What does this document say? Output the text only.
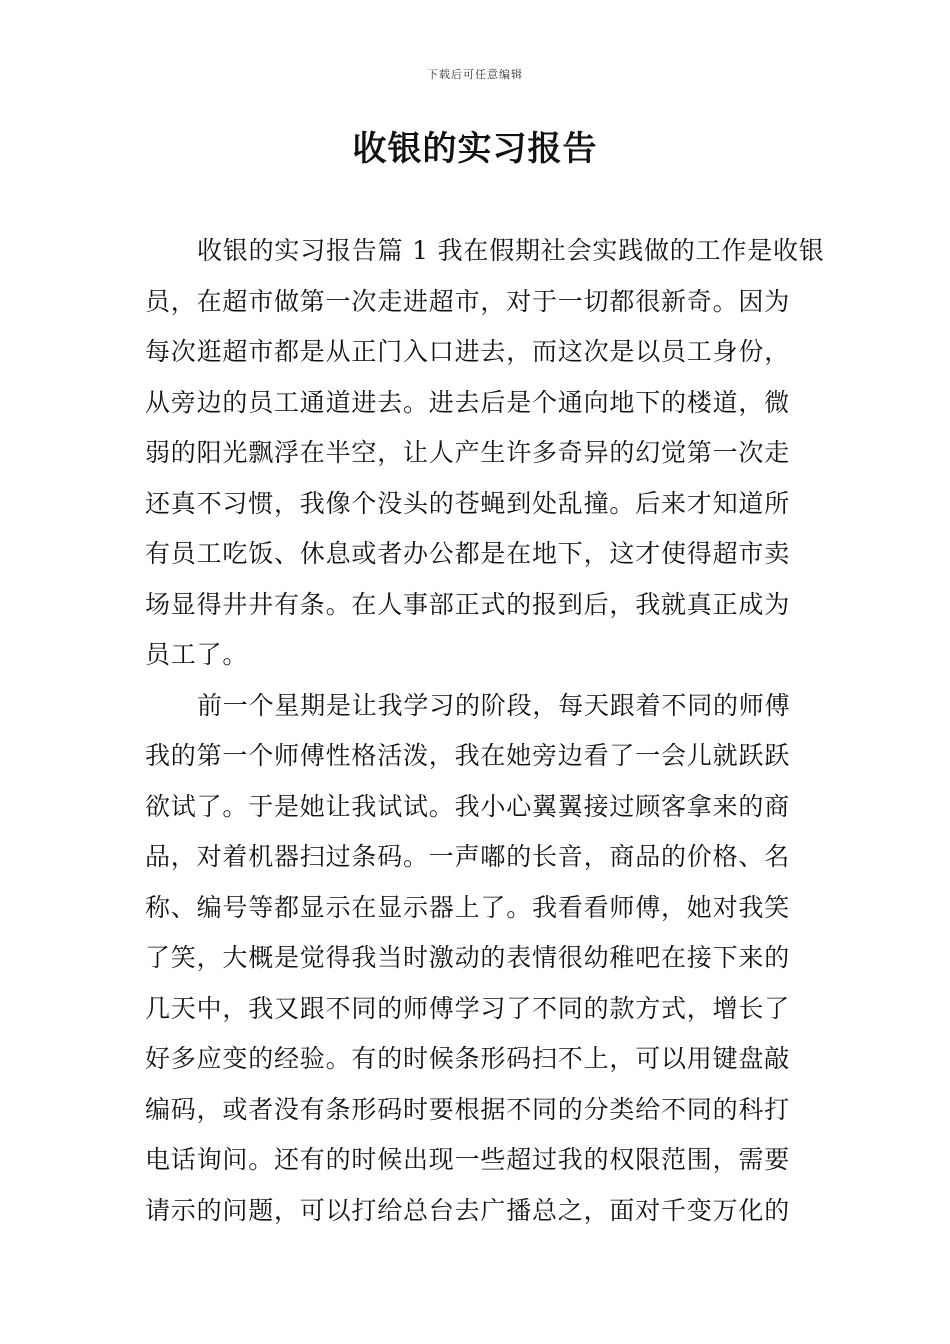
下载后可任意编辑
收银的实习报告
收银的实习报告篇 1 我在假期社会实践做的工作是收银
员，在超市做第一次走进超市，对于一切都很新奇。因为
每次逛超市都是从正门入口进去，而这次是以员工身份，
从旁边的员工通道进去。进去后是个通向地下的楼道，微
弱的阳光飘浮在半空，让人产生许多奇异的幻觉第一次走
还真不习惯，我像个没头的苍蝇到处乱撞。后来才知道所
有员工吃饭、休息或者办公都是在地下，这才使得超市卖
场显得井井有条。在人事部正式的报到后，我就真正成为
员工了。
前一个星期是让我学习的阶段，每天跟着不同的师傅
我的第一个师傅性格活泼，我在她旁边看了一会儿就跃跃
欲试了。于是她让我试试。我小心翼翼接过顾客拿来的商
品，对着机器扫过条码。一声嘟的长音，商品的价格、名
称、编号等都显示在显示器上了。我看看师傅，她对我笑
了笑，大概是觉得我当时激动的表情很幼稚吧在接下来的
几天中，我又跟不同的师傅学习了不同的款方式，增长了
好多应变的经验。有的时候条形码扫不上，可以用键盘敲
编码，或者没有条形码时要根据不同的分类给不同的科打
电话询问。还有的时候出现一些超过我的权限范围，需要
请示的问题，可以打给总台去广播总之，面对千变万化的
